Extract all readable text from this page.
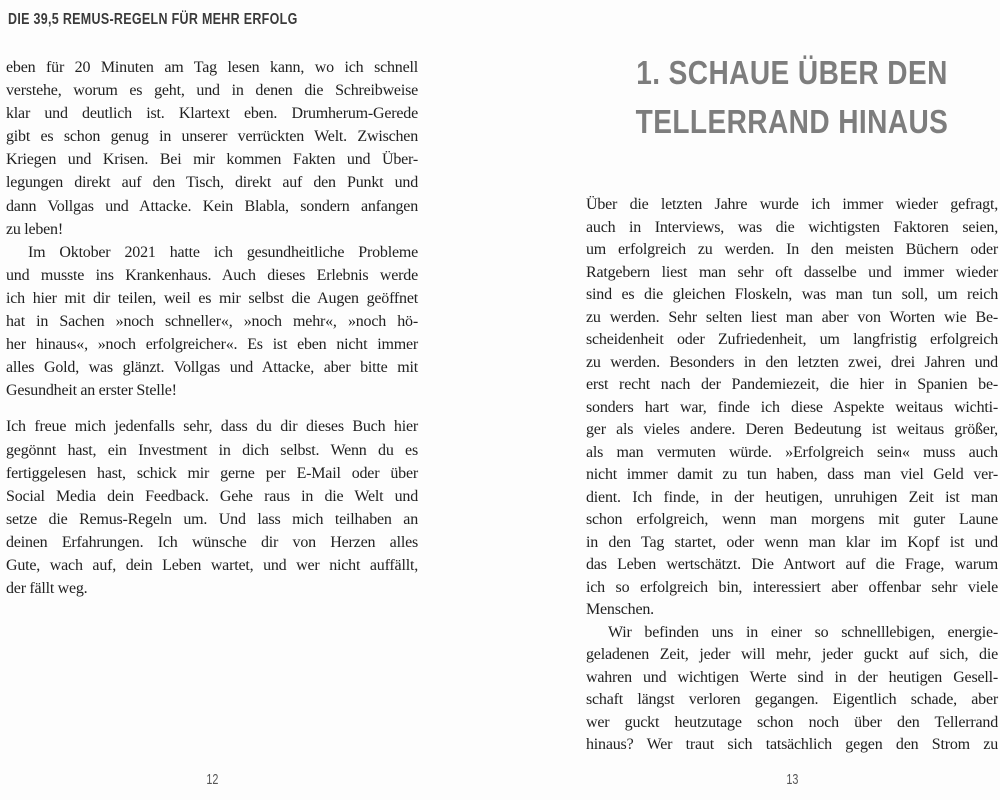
DIE 39,5 REMUS-REGELN FÜR MEHR ERFOLG
eben für 20 Minuten am Tag lesen kann, wo ich schnell
verstehe, worum es geht, und in denen die Schreibweise
klar und deutlich ist. Klartext eben. Drumherum-Gerede
gibt es schon genug in unserer verrückten Welt. Zwischen
Kriegen und Krisen. Bei mir kommen Fakten und Über-
legungen direkt auf den Tisch, direkt auf den Punkt und
dann Vollgas und Attacke. Kein Blabla, sondern anfangen
zu leben!
Im Oktober 2021 hatte ich gesundheitliche Probleme
und musste ins Krankenhaus. Auch dieses Erlebnis werde
ich hier mit dir teilen, weil es mir selbst die Augen geöffnet
hat in Sachen »noch schneller«, »noch mehr«, »noch hö-
her hinaus«, »noch erfolgreicher«. Es ist eben nicht immer
alles Gold, was glänzt. Vollgas und Attacke, aber bitte mit
Gesundheit an erster Stelle!
Ich freue mich jedenfalls sehr, dass du dir dieses Buch hier
gegönnt hast, ein Investment in dich selbst. Wenn du es
fertiggelesen hast, schick mir gerne per E-Mail oder über
Social Media dein Feedback. Gehe raus in die Welt und
setze die Remus-Regeln um. Und lass mich teilhaben an
deinen Erfahrungen. Ich wünsche dir von Herzen alles
Gute, wach auf, dein Leben wartet, und wer nicht auffällt,
der fällt weg.
1. SCHAUE ÜBER DEN
TELLERRAND HINAUS
Über die letzten Jahre wurde ich immer wieder gefragt,
auch in Interviews, was die wichtigsten Faktoren seien,
um erfolgreich zu werden. In den meisten Büchern oder
Ratgebern liest man sehr oft dasselbe und immer wieder
sind es die gleichen Floskeln, was man tun soll, um reich
zu werden. Sehr selten liest man aber von Worten wie Be-
scheidenheit oder Zufriedenheit, um langfristig erfolgreich
zu werden. Besonders in den letzten zwei, drei Jahren und
erst recht nach der Pandemiezeit, die hier in Spanien be-
sonders hart war, finde ich diese Aspekte weitaus wichti-
ger als vieles andere. Deren Bedeutung ist weitaus größer,
als man vermuten würde. »Erfolgreich sein« muss auch
nicht immer damit zu tun haben, dass man viel Geld ver-
dient. Ich finde, in der heutigen, unruhigen Zeit ist man
schon erfolgreich, wenn man morgens mit guter Laune
in den Tag startet, oder wenn man klar im Kopf ist und
das Leben wertschätzt. Die Antwort auf die Frage, warum
ich so erfolgreich bin, interessiert aber offenbar sehr viele
Menschen.
Wir befinden uns in einer so schnelllebigen, energie-
geladenen Zeit, jeder will mehr, jeder guckt auf sich, die
wahren und wichtigen Werte sind in der heutigen Gesell-
schaft längst verloren gegangen. Eigentlich schade, aber
wer guckt heutzutage schon noch über den Tellerrand
hinaus? Wer traut sich tatsächlich gegen den Strom zu
12	13
